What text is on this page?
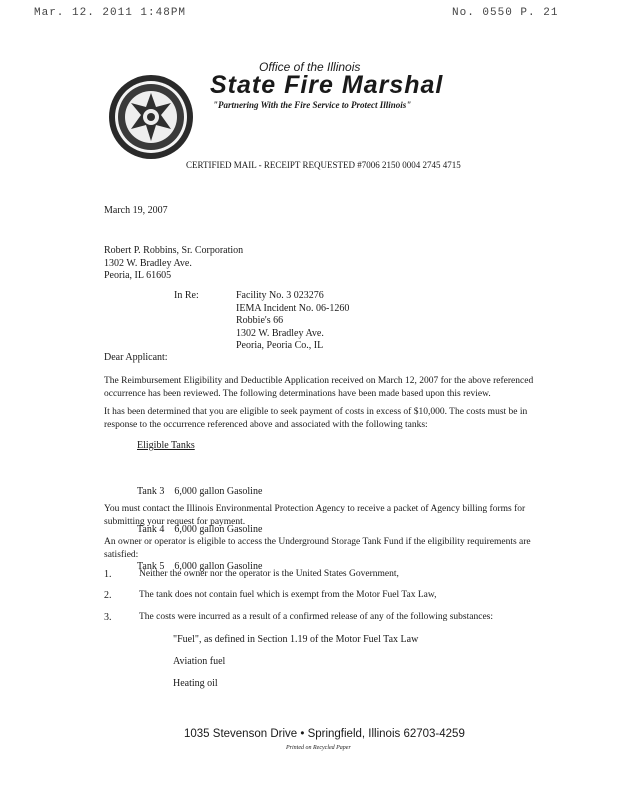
Mar. 12. 2011 1:48PM	No. 0550 P. 21
Office of the Illinois
State Fire Marshal
"Partnering With the Fire Service to Protect Illinois"
CERTIFIED MAIL - RECEIPT REQUESTED #7006 2150 0004 2745 4715
March 19, 2007
Robert P. Robbins, Sr. Corporation
1302 W. Bradley Ave.
Peoria, IL 61605
In Re:	Facility No. 3 023276
IEMA Incident No. 06-1260
Robbie's 66
1302 W. Bradley Ave.
Peoria, Peoria Co., IL
Dear Applicant:
The Reimbursement Eligibility and Deductible Application received on March 12, 2007 for the above referenced
occurrence has been reviewed. The following determinations have been made based upon this review.
It has been determined that you are eligible to seek payment of costs in excess of $10,000. The costs must be in
response to the occurrence referenced above and associated with the following tanks:
Eligible Tanks

Tank 3    6,000 gallon Gasoline

Tank 4    6,000 gallon Gasoline

Tank 5    6,000 gallon Gasoline

You must contact the Illinois Environmental Protection Agency to receive a packet of Agency billing forms for
submitting your request for payment.
An owner or operator is eligible to access the Underground Storage Tank Fund if the eligibility requirements are
satisfied:
1.	Neither the owner nor the operator is the United States Government,
2.	The tank does not contain fuel which is exempt from the Motor Fuel Tax Law,
3.	The costs were incurred as a result of a confirmed release of any of the following substances:
"Fuel", as defined in Section 1.19 of the Motor Fuel Tax Law
Aviation fuel
Heating oil
1035 Stevenson Drive • Springfield, Illinois 62703-4259
Printed on Recycled Paper
